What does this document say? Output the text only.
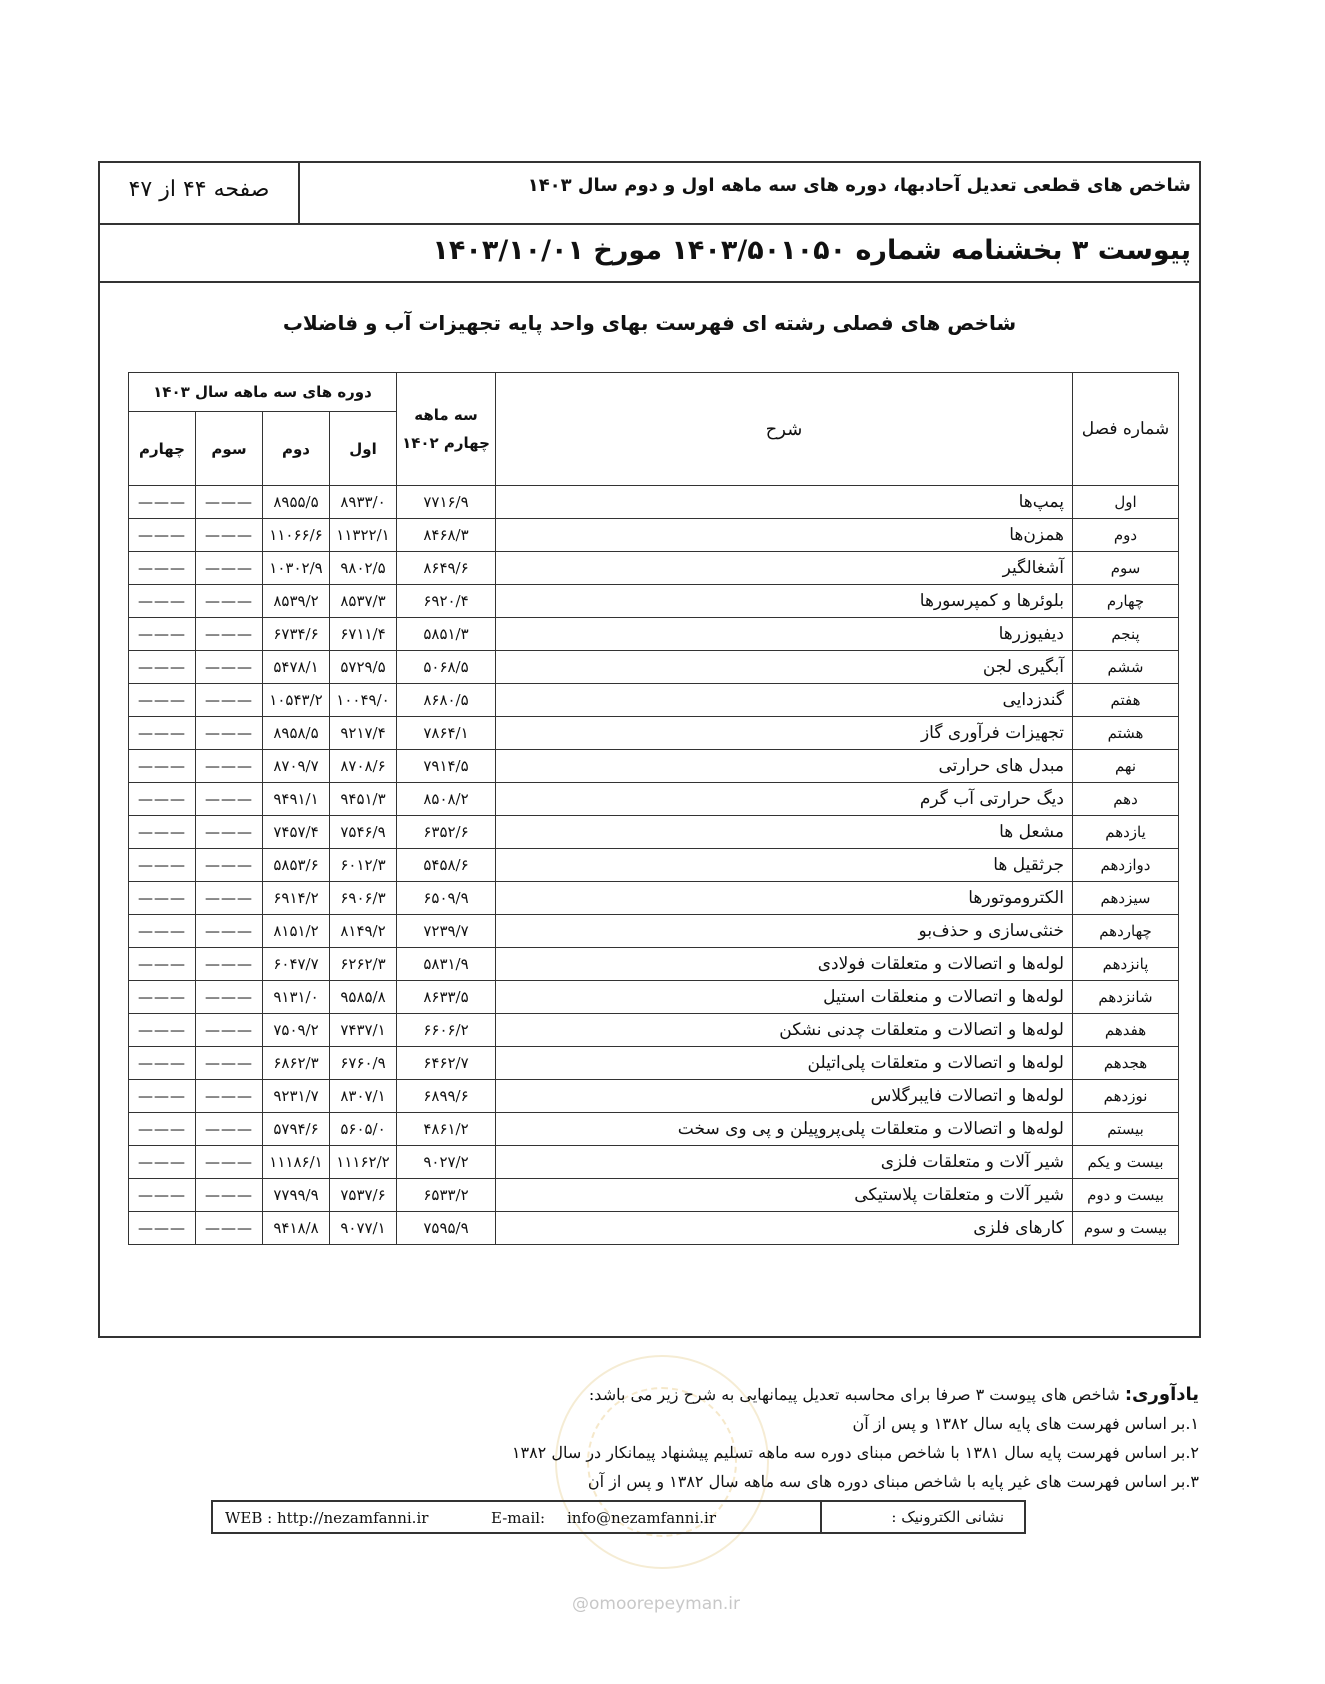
شاخص های قطعی تعدیل آحادبها، دوره های سه ماهه اول و دوم سال ۱۴۰۳
صفحه ۴۴ از ۴۷
پیوست ۳ بخشنامه شماره ۱۴۰۳/۵۰۱۰۵۰ مورخ ۱۴۰۳/۱۰/۰۱
شاخص های فصلی رشته ای فهرست بهای واحد پایه تجهیزات آب و فاضلاب
شماره فصل	شرح	سه ماهه
چهارم ۱۴۰۲	دوره های سه ماهه سال ۱۴۰۳			
			اول	دوم	سوم	چهارم
اول	پمپ‌ها	۷۷۱۶/۹	۸۹۳۳/۰	۸۹۵۵/۵	———	———
دوم	همزن‌ها	۸۴۶۸/۳	۱۱۳۲۲/۱	۱۱۰۶۶/۶	———	———
سوم	آشغالگیر	۸۶۴۹/۶	۹۸۰۲/۵	۱۰۳۰۲/۹	———	———
چهارم	بلوئرها و کمپرسورها	۶۹۲۰/۴	۸۵۳۷/۳	۸۵۳۹/۲	———	———
پنجم	دیفیوزرها	۵۸۵۱/۳	۶۷۱۱/۴	۶۷۳۴/۶	———	———
ششم	آبگیری لجن	۵۰۶۸/۵	۵۷۲۹/۵	۵۴۷۸/۱	———	———
هفتم	گندزدایی	۸۶۸۰/۵	۱۰۰۴۹/۰	۱۰۵۴۳/۲	———	———
هشتم	تجهیزات فرآوری گاز	۷۸۶۴/۱	۹۲۱۷/۴	۸۹۵۸/۵	———	———
نهم	مبدل های حرارتی	۷۹۱۴/۵	۸۷۰۸/۶	۸۷۰۹/۷	———	———
دهم	دیگ حرارتی آب گرم	۸۵۰۸/۲	۹۴۵۱/۳	۹۴۹۱/۱	———	———
یازدهم	مشعل ها	۶۳۵۲/۶	۷۵۴۶/۹	۷۴۵۷/۴	———	———
دوازدهم	جرثقیل ها	۵۴۵۸/۶	۶۰۱۲/۳	۵۸۵۳/۶	———	———
سیزدهم	الکتروموتورها	۶۵۰۹/۹	۶۹۰۶/۳	۶۹۱۴/۲	———	———
چهاردهم	خنثی‌سازی و حذف‌بو	۷۲۳۹/۷	۸۱۴۹/۲	۸۱۵۱/۲	———	———
پانزدهم	لوله‌ها و اتصالات و متعلقات فولادی	۵۸۳۱/۹	۶۲۶۲/۳	۶۰۴۷/۷	———	———
شانزدهم	لوله‌ها و اتصالات و منعلقات استیل	۸۶۳۳/۵	۹۵۸۵/۸	۹۱۳۱/۰	———	———
هفدهم	لوله‌ها و اتصالات و متعلقات چدنی نشکن	۶۶۰۶/۲	۷۴۳۷/۱	۷۵۰۹/۲	———	———
هجدهم	لوله‌ها و اتصالات و متعلقات پلی‌اتیلن	۶۴۶۲/۷	۶۷۶۰/۹	۶۸۶۲/۳	———	———
نوزدهم	لوله‌ها و اتصالات فایبرگلاس	۶۸۹۹/۶	۸۳۰۷/۱	۹۲۳۱/۷	———	———
بیستم	لوله‌ها و اتصالات و متعلقات پلی‌پروپیلن و پی وی سخت	۴۸۶۱/۲	۵۶۰۵/۰	۵۷۹۴/۶	———	———
بیست و یکم	شیر آلات و متعلقات فلزی	۹۰۲۷/۲	۱۱۱۶۲/۲	۱۱۱۸۶/۱	———	———
بیست و دوم	شیر آلات و متعلقات پلاستیکی	۶۵۳۳/۲	۷۵۳۷/۶	۷۷۹۹/۹	———	———
بیست و سوم	کارهای فلزی	۷۵۹۵/۹	۹۰۷۷/۱	۹۴۱۸/۸	———	———
@omoorepeyman.ir
یادآوری: شاخص های پیوست ۳ صرفا برای محاسبه تعدیل پیمانهایی به شرح زیر می باشد:
۱.بر اساس فهرست های پایه سال ۱۳۸۲ و پس از آن
۲.بر اساس فهرست پایه سال ۱۳۸۱ با شاخص مبنای دوره سه ماهه تسلیم پیشنهاد پیمانکار در سال ۱۳۸۲
۳.بر اساس فهرست های غیر پایه با شاخص مبنای دوره های سه ماهه سال ۱۳۸۲ و پس از آن
نشانی الکترونیک :
WEB : http://nezamfanni.ir	E-mail: info@nezamfanni.ir
